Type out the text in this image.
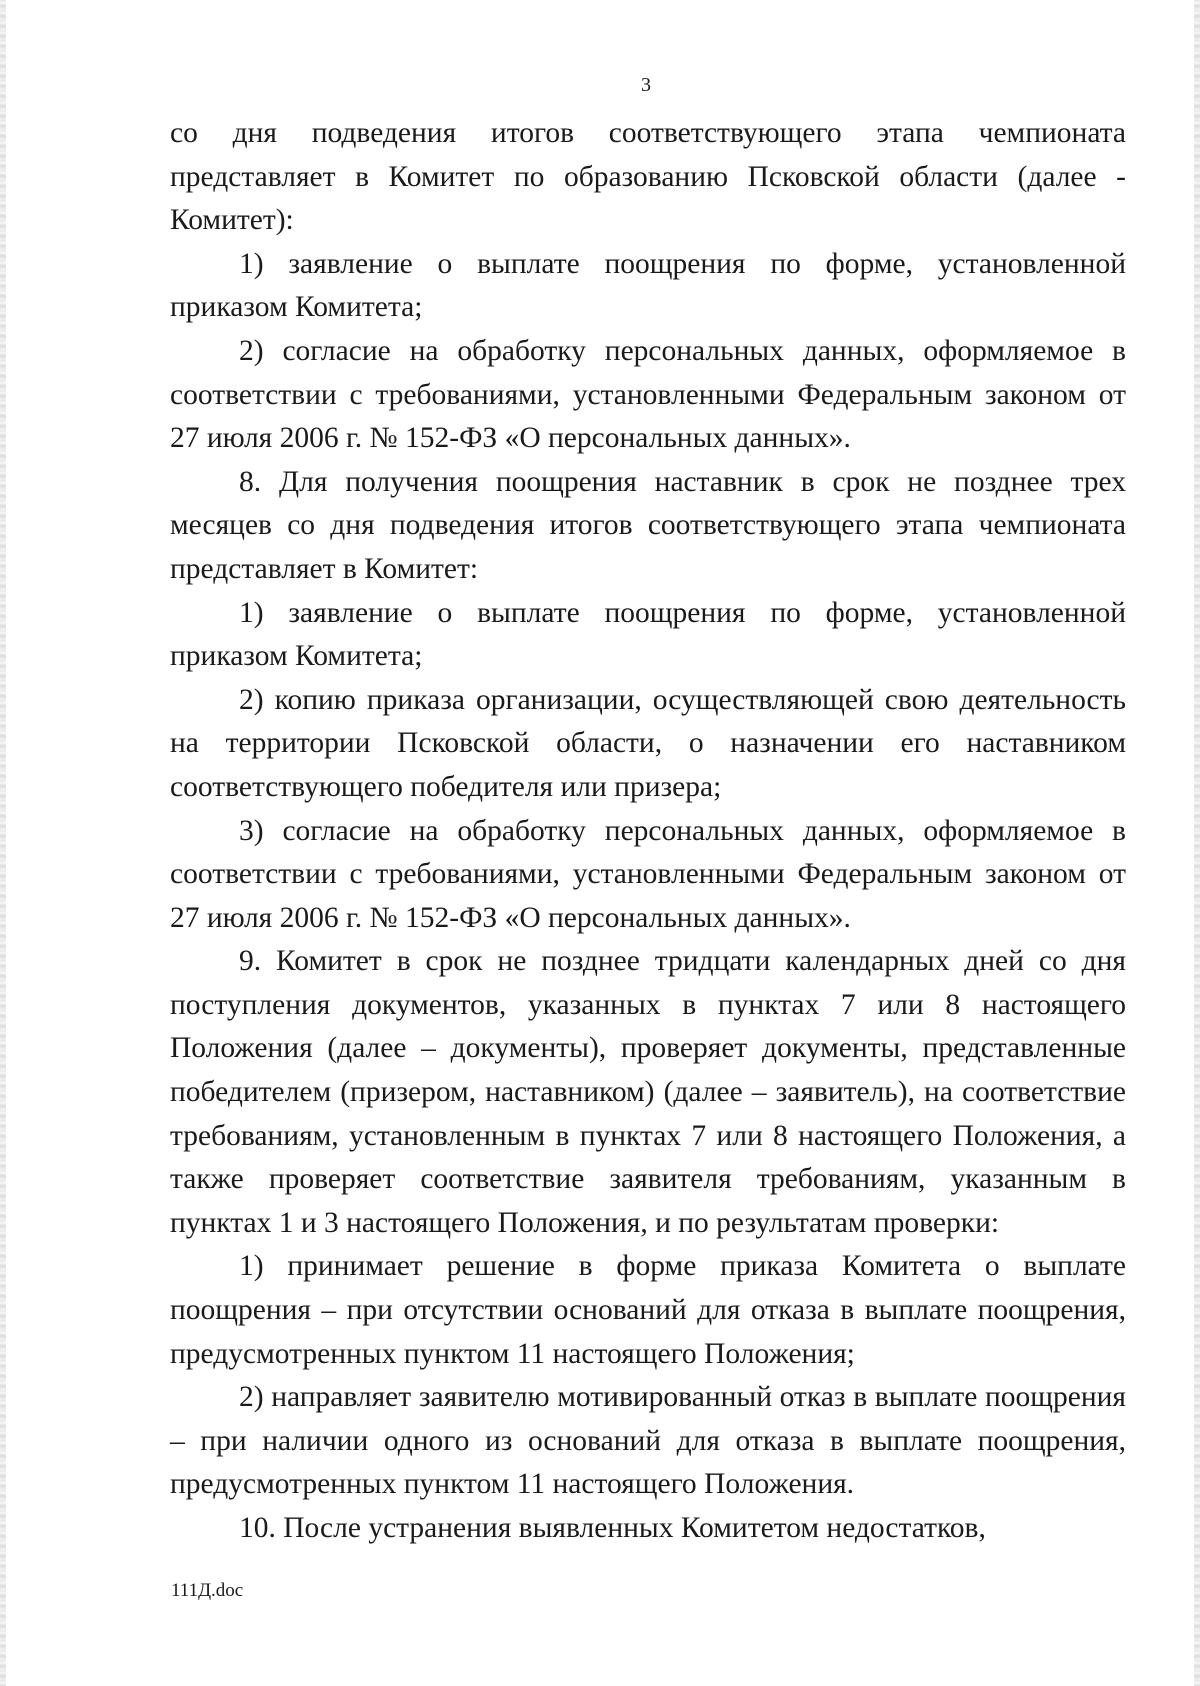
3

со дня подведения итогов соответствующего этапа чемпионата представляет в Комитет по образованию Псковской области (далее - Комитет):

1) заявление о выплате поощрения по форме, установленной приказом Комитета;

2) согласие на обработку персональных данных, оформляемое в соответствии с требованиями, установленными Федеральным законом от 27 июля 2006 г. № 152-ФЗ «О персональных данных».

8. Для получения поощрения наставник в срок не позднее трех месяцев со дня подведения итогов соответствующего этапа чемпионата представляет в Комитет:

1) заявление о выплате поощрения по форме, установленной приказом Комитета;

2) копию приказа организации, осуществляющей свою деятельность на территории Псковской области, о назначении его наставником соответствующего победителя или призера;

3) согласие на обработку персональных данных, оформляемое в соответствии с требованиями, установленными Федеральным законом от 27 июля 2006 г. № 152-ФЗ «О персональных данных».

9. Комитет в срок не позднее тридцати календарных дней со дня поступления документов, указанных в пунктах 7 или 8 настоящего Положения (далее – документы), проверяет документы, представленные победителем (призером, наставником) (далее – заявитель), на соответствие требованиям, установленным в пунктах 7 или 8 настоящего Положения, а также проверяет соответствие заявителя требованиям, указанным в пунктах 1 и 3 настоящего Положения, и по результатам проверки:

1) принимает решение в форме приказа Комитета о выплате поощрения – при отсутствии оснований для отказа в выплате поощрения, предусмотренных пунктом 11 настоящего Положения;

2) направляет заявителю мотивированный отказ в выплате поощрения – при наличии одного из оснований для отказа в выплате поощрения, предусмотренных пунктом 11 настоящего Положения.

10. После устранения выявленных Комитетом недостатков,

111Д.doc
